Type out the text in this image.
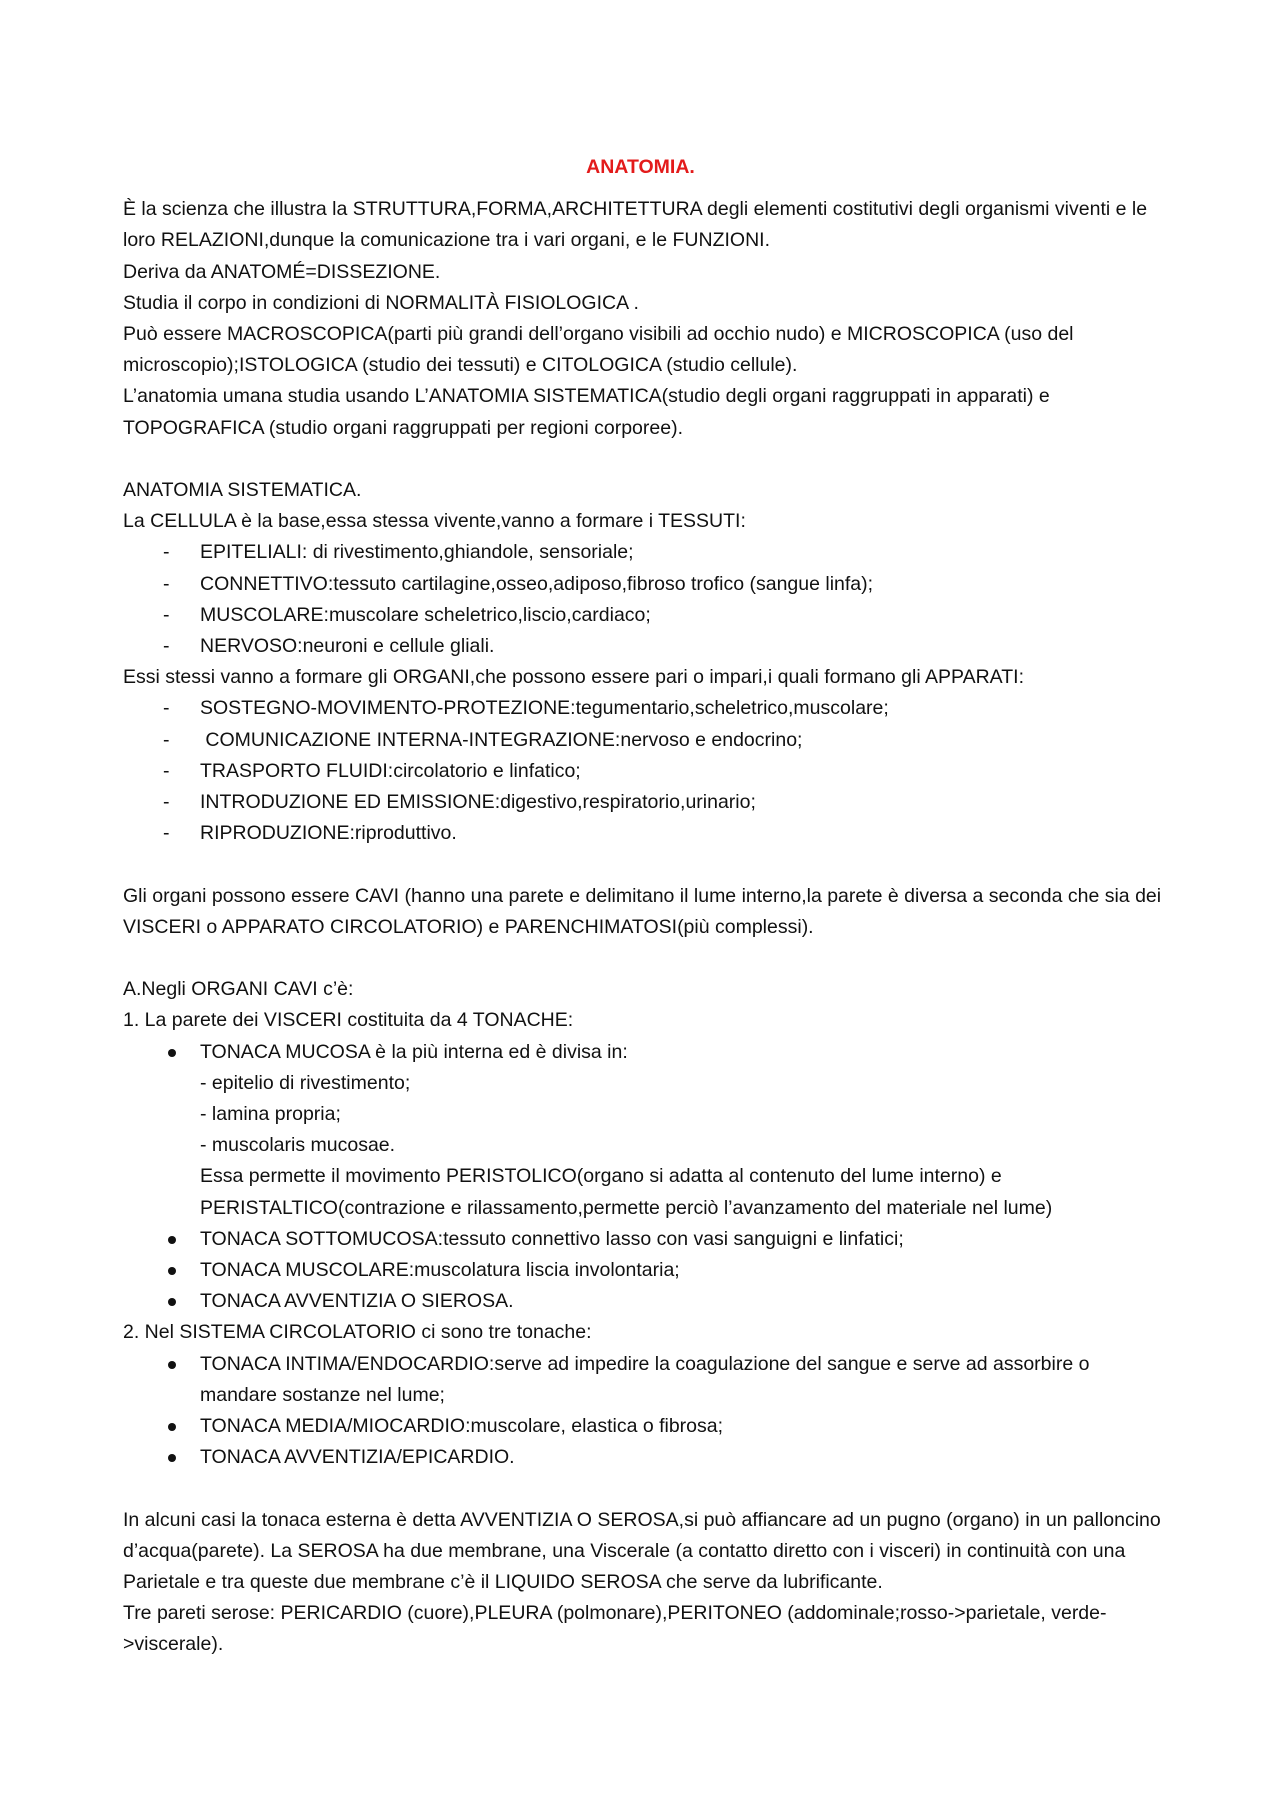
ANATOMIA.

È la scienza che illustra la STRUTTURA,FORMA,ARCHITETTURA degli elementi costitutivi degli organismi viventi e le loro RELAZIONI,dunque la comunicazione tra i vari organi, e le FUNZIONI.

Deriva da ANATOMÉ=DISSEZIONE.

Studia il corpo in condizioni di NORMALITÀ FISIOLOGICA .

Può essere MACROSCOPICA(parti più grandi dell’organo visibili ad occhio nudo) e MICROSCOPICA (uso del microscopio);ISTOLOGICA (studio dei tessuti) e CITOLOGICA (studio cellule).

L’anatomia umana studia usando L’ANATOMIA SISTEMATICA(studio degli organi raggruppati in apparati) e TOPOGRAFICA (studio organi raggruppati per regioni corporee).

ANATOMIA SISTEMATICA.

La CELLULA è la base,essa stessa vivente,vanno a formare i TESSUTI:

- EPITELIALI: di rivestimento,ghiandole, sensoriale;
- CONNETTIVO:tessuto cartilagine,osseo,adiposo,fibroso trofico (sangue linfa);
- MUSCOLARE:muscolare scheletrico,liscio,cardiaco;
- NERVOSO:neuroni e cellule gliali.

Essi stessi vanno a formare gli ORGANI,che possono essere pari o impari,i quali formano gli APPARATI:

- SOSTEGNO-MOVIMENTO-PROTEZIONE:tegumentario,scheletrico,muscolare;
-  COMUNICAZIONE INTERNA-INTEGRAZIONE:nervoso e endocrino;
- TRASPORTO FLUIDI:circolatorio e linfatico;
- INTRODUZIONE ED EMISSIONE:digestivo,respiratorio,urinario;
- RIPRODUZIONE:riproduttivo.

Gli organi possono essere CAVI (hanno una parete e delimitano il lume interno,la parete è diversa a seconda che sia dei VISCERI o APPARATO CIRCOLATORIO) e PARENCHIMATOSI(più complessi).

A.Negli ORGANI CAVI c’è:

1. La parete dei VISCERI costituita da 4 TONACHE:

TONACA MUCOSA è la più interna ed è divisa in:
- epitelio di rivestimento;
- lamina propria;
- muscolaris mucosae.
Essa permette il movimento PERISTOLICO(organo si adatta al contenuto del lume interno) e PERISTALTICO(contrazione e rilassamento,permette perciò l’avanzamento del materiale nel lume)
TONACA SOTTOMUCOSA:tessuto connettivo lasso con vasi sanguigni e linfatici;
TONACA MUSCOLARE:muscolatura liscia involontaria;
TONACA AVVENTIZIA O SIEROSA.

2. Nel SISTEMA CIRCOLATORIO ci sono tre tonache:

TONACA INTIMA/ENDOCARDIO:serve ad impedire la coagulazione del sangue e serve ad assorbire o mandare sostanze nel lume;
TONACA MEDIA/MIOCARDIO:muscolare, elastica o fibrosa;
TONACA AVVENTIZIA/EPICARDIO.

In alcuni casi la tonaca esterna è detta AVVENTIZIA O SEROSA,si può affiancare ad un pugno (organo) in un palloncino d’acqua(parete). La SEROSA ha due membrane, una Viscerale (a contatto diretto con i visceri) in continuità con una Parietale e tra queste due membrane c’è il LIQUIDO SEROSA che serve da lubrificante.

Tre pareti serose: PERICARDIO (cuore),PLEURA (polmonare),PERITONEO (addominale;rosso->parietale, verde->viscerale).
